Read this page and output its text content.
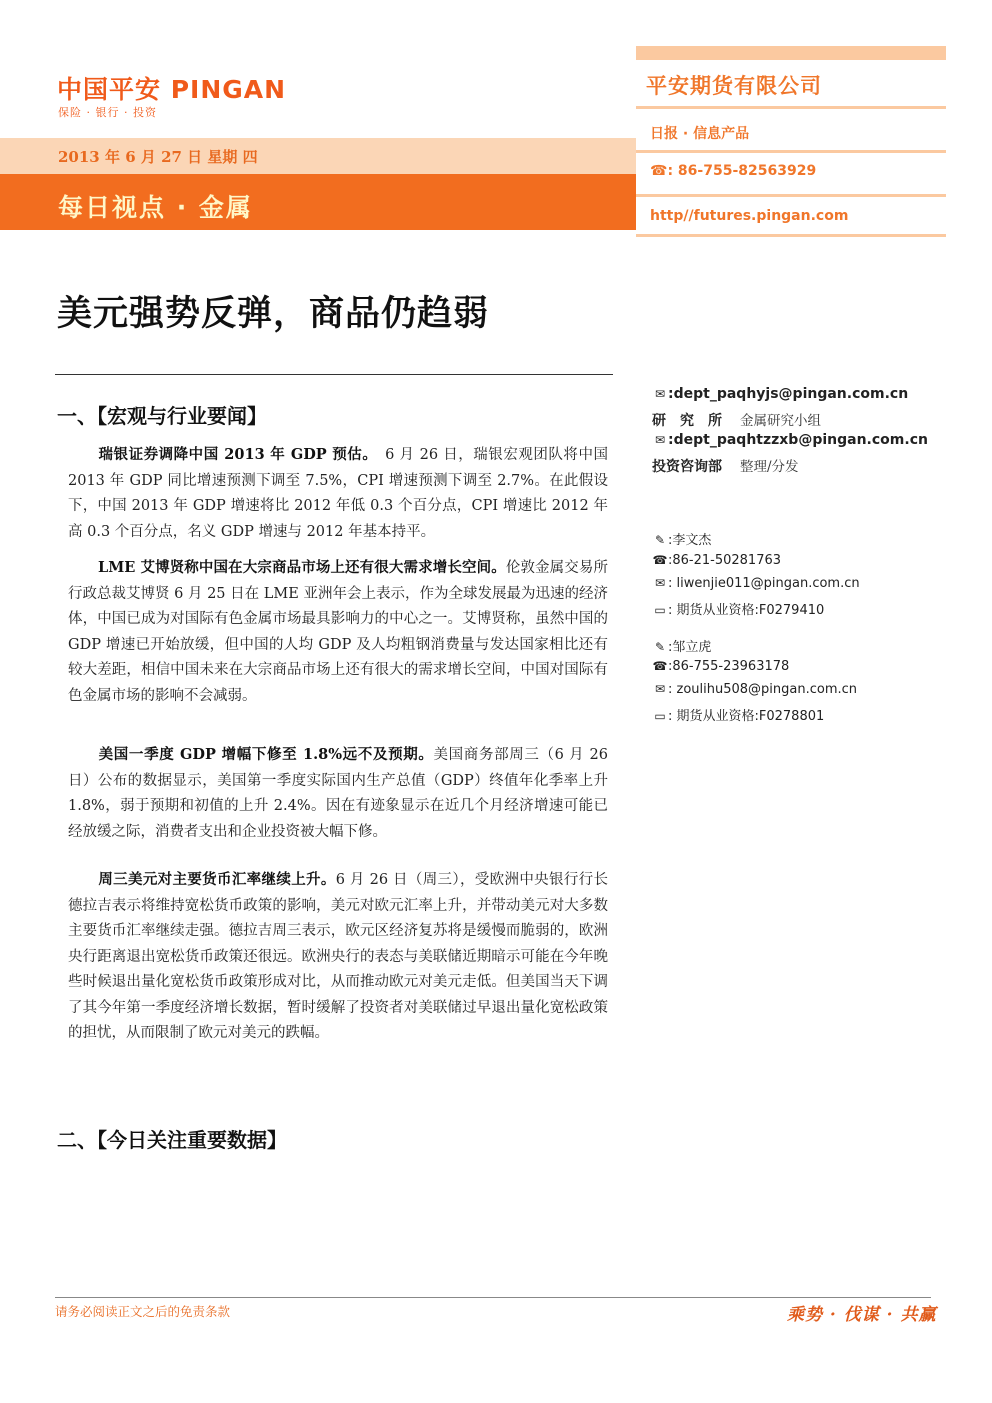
中国平安 PINGAN
保险 · 银行 · 投资
2013 年 6 月 27 日 星期 四
每日视点 · 金属
平安期货有限公司
日报 · 信息产品
☎: 86-755-82563929
http//futures.pingan.com
美元强势反弹，商品仍趋弱
一、【宏观与行业要闻】
瑞银证券调降中国 2013 年 GDP 预估。　6 月 26 日，瑞银宏观团队将中国 2013 年 GDP 同比增速预测下调至 7.5%，CPI 增速预测下调至 2.7%。在此假设下，中国 2013 年 GDP 增速将比 2012 年低 0.3 个百分点，CPI 增速比 2012 年高 0.3 个百分点，名义 GDP 增速与 2012 年基本持平。
LME 艾博贤称中国在大宗商品市场上还有很大需求增长空间。伦敦金属交易所行政总裁艾博贤 6 月 25 日在 LME 亚洲年会上表示，作为全球发展最为迅速的经济体，中国已成为对国际有色金属市场最具影响力的中心之一。艾博贤称，虽然中国的 GDP 增速已开始放缓，但中国的人均 GDP 及人均粗钢消费量与发达国家相比还有较大差距，相信中国未来在大宗商品市场上还有很大的需求增长空间，中国对国际有色金属市场的影响不会减弱。
美国一季度 GDP 增幅下修至 1.8%远不及预期。美国商务部周三（6 月 26 日）公布的数据显示，美国第一季度实际国内生产总值（GDP）终值年化季率上升 1.8%，弱于预期和初值的上升 2.4%。因在有迹象显示在近几个月经济增速可能已经放缓之际，消费者支出和企业投资被大幅下修。
周三美元对主要货币汇率继续上升。6 月 26 日（周三），受欧洲中央银行行长德拉吉表示将维持宽松货币政策的影响，美元对欧元汇率上升，并带动美元对大多数主要货币汇率继续走强。德拉吉周三表示，欧元区经济复苏将是缓慢而脆弱的，欧洲央行距离退出宽松货币政策还很远。欧洲央行的表态与美联储近期暗示可能在今年晚些时候退出量化宽松货币政策形成对比，从而推动欧元对美元走低。但美国当天下调了其今年第一季度经济增长数据，暂时缓解了投资者对美联储过早退出量化宽松政策的担忧，从而限制了欧元对美元的跌幅。
二、【今日关注重要数据】
✉ :dept_paqhyjs@pingan.com.cn
研　究　所 金属研究小组
✉ :dept_paqhtzzxb@pingan.com.cn
投资咨询部 整理/分发
✎ :李文杰
☎:86-21-50281763
✉ : liwenjie011@pingan.com.cn
▭ : 期货从业资格:F0279410
✎ :邹立虎
☎:86-755-23963178
✉ : zoulihu508@pingan.com.cn
▭ : 期货从业资格:F0278801
请务必阅读正文之后的免责条款	乘势 · 伐谋 · 共赢
